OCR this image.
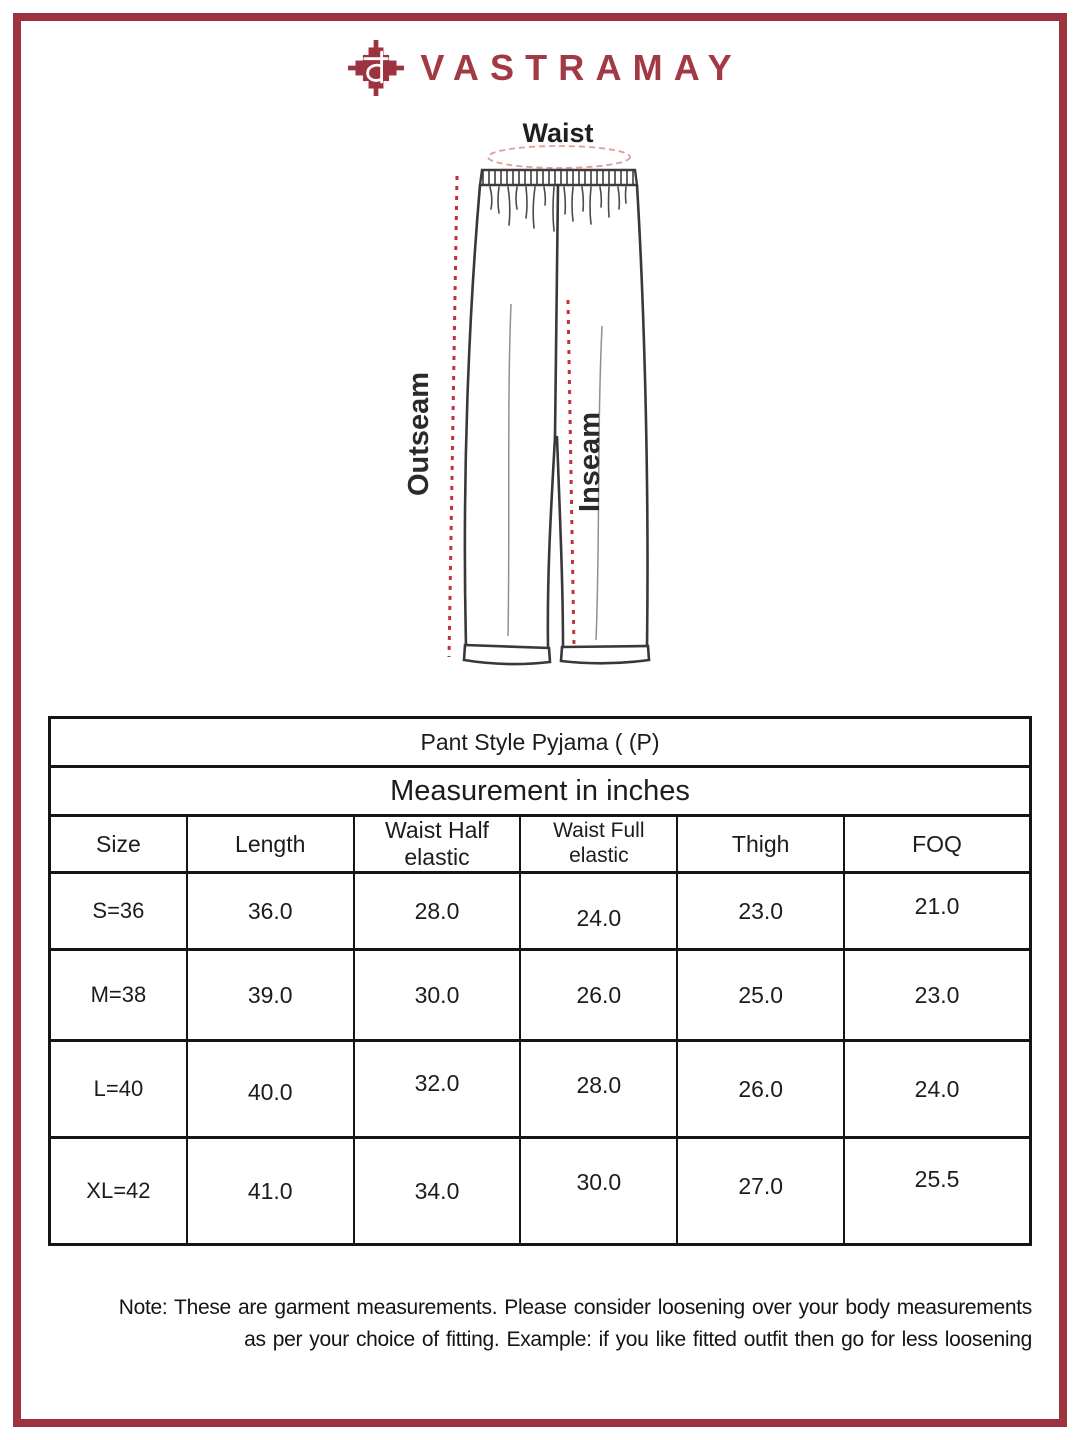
VASTRAMAY
Waist
Outseam	Inseam
Pant Style Pyjama ( (P)					
Measurement in inches					
Size	Length	Waist Half elastic	Waist Full elastic	Thigh	FOQ
S=36	36.0	28.0	24.0	23.0	21.0
M=38	39.0	30.0	26.0	25.0	23.0
L=40	40.0	32.0	28.0	26.0	24.0
XL=42	41.0	34.0	30.0	27.0	25.5
Note: These are garment measurements. Please consider loosening over your body measurements
as per your choice of fitting. Example: if you like fitted outfit then go for less loosening
